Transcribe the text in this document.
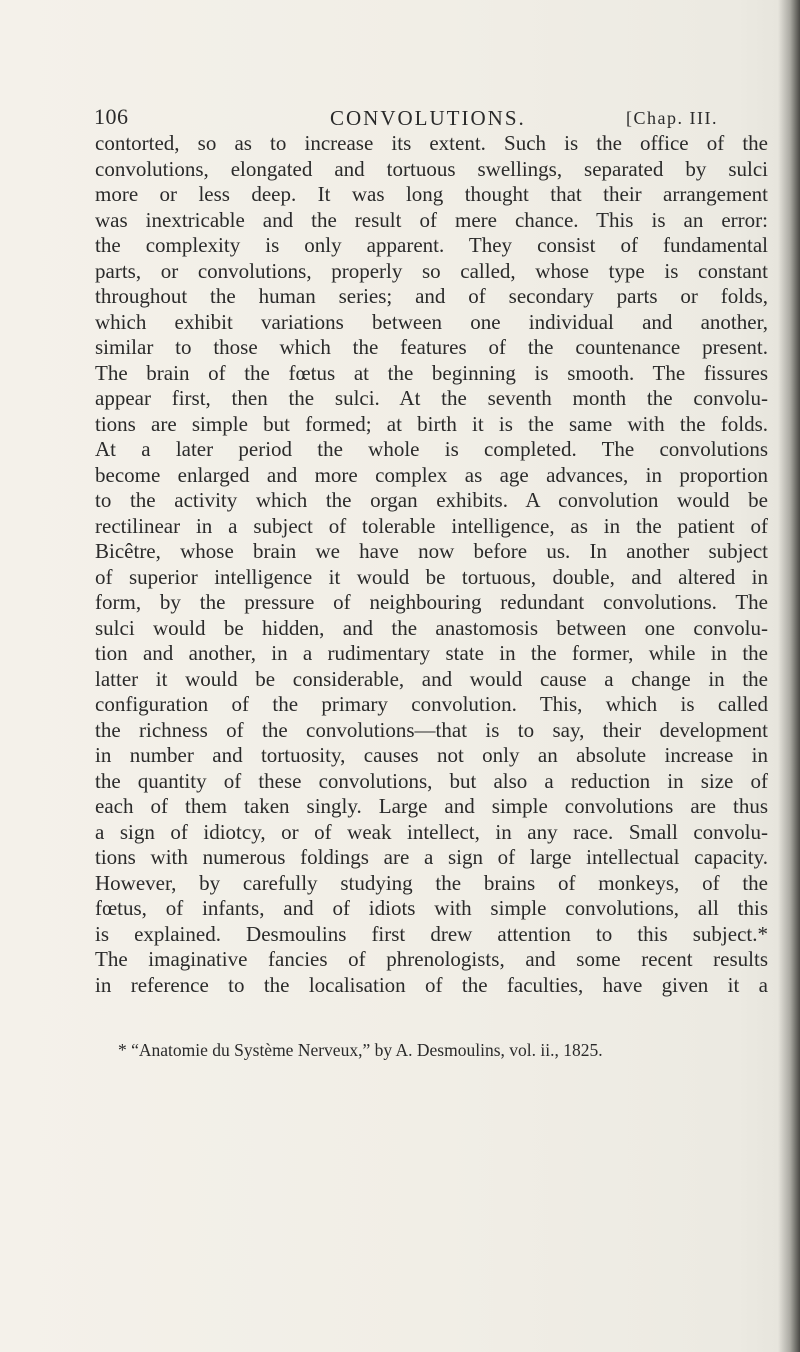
106	CONVOLUTIONS.	[Chap. III.
contorted, so as to increase its extent. Such is the office of the
convolutions, elongated and tortuous swellings, separated by sulci
more or less deep. It was long thought that their arrangement
was inextricable and the result of mere chance. This is an error:
the complexity is only apparent. They consist of fundamental
parts, or convolutions, properly so called, whose type is constant
throughout the human series; and of secondary parts or folds,
which exhibit variations between one individual and another,
similar to those which the features of the countenance present.
The brain of the fœtus at the beginning is smooth. The fissures
appear first, then the sulci. At the seventh month the convolu-
tions are simple but formed; at birth it is the same with the folds.
At a later period the whole is completed. The convolutions
become enlarged and more complex as age advances, in proportion
to the activity which the organ exhibits. A convolution would be
rectilinear in a subject of tolerable intelligence, as in the patient of
Bicêtre, whose brain we have now before us. In another subject
of superior intelligence it would be tortuous, double, and altered in
form, by the pressure of neighbouring redundant convolutions. The
sulci would be hidden, and the anastomosis between one convolu-
tion and another, in a rudimentary state in the former, while in the
latter it would be considerable, and would cause a change in the
configuration of the primary convolution. This, which is called
the richness of the convolutions—that is to say, their development
in number and tortuosity, causes not only an absolute increase in
the quantity of these convolutions, but also a reduction in size of
each of them taken singly. Large and simple convolutions are thus
a sign of idiotcy, or of weak intellect, in any race. Small convolu-
tions with numerous foldings are a sign of large intellectual capacity.
However, by carefully studying the brains of monkeys, of the
fœtus, of infants, and of idiots with simple convolutions, all this
is explained. Desmoulins first drew attention to this subject.*
The imaginative fancies of phrenologists, and some recent results
in reference to the localisation of the faculties, have given it a
* “Anatomie du Système Nerveux,” by A. Desmoulins, vol. ii., 1825.
